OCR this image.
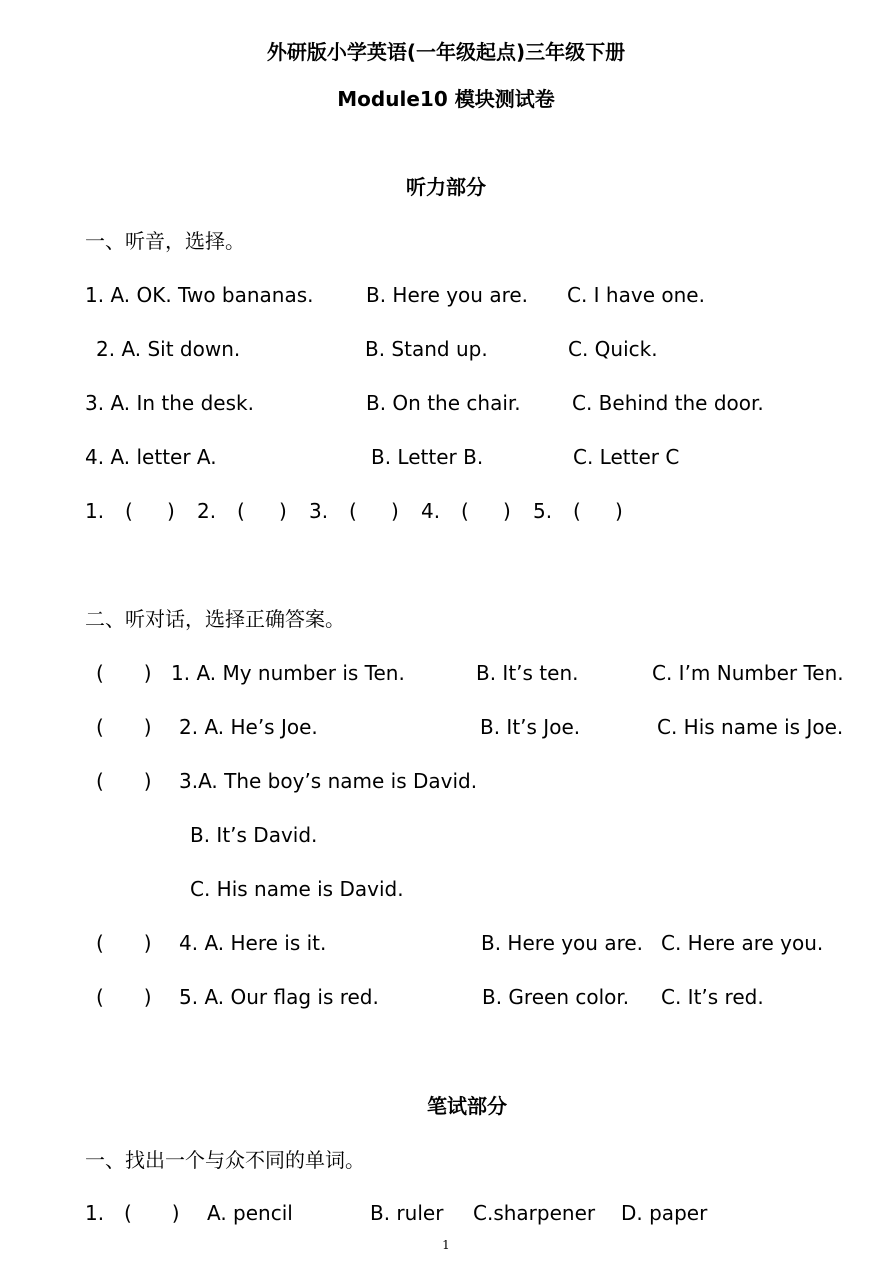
外研版小学英语(一年级起点)三年级下册
Module10 模块测试卷
听力部分
一、听音，选择。
1. A. OK. Two bananas.	B. Here you are. C. I have one.
2. A. Sit down.	B. Stand up.	C. Quick.
3. A. In the desk.	B. On the chair.	C. Behind the door.
4. A. letter A.	B. Letter B.	C. Letter C
1. ( ) 2. ( ) 3. ( ) 4. ( ) 5. ( )
二、听对话，选择正确答案。
(　　) 1. A. My number is Ten.	B. It’s ten.	C. I’m Number Ten.
(　　) 2. A. He’s Joe.	B. It’s Joe.	C. His name is Joe.
(　　) 3.A. The boy’s name is David.
B. It’s David.
C. His name is David.
(　　) 4. A. Here is it.	B. Here you are. C. Here are you.
(　　) 5. A. Our flag is red.	B. Green color. C. It’s red.
笔试部分
一、找出一个与众不同的单词。
1. (　　) A. pencil	B. ruler C.sharpener D. paper
1
